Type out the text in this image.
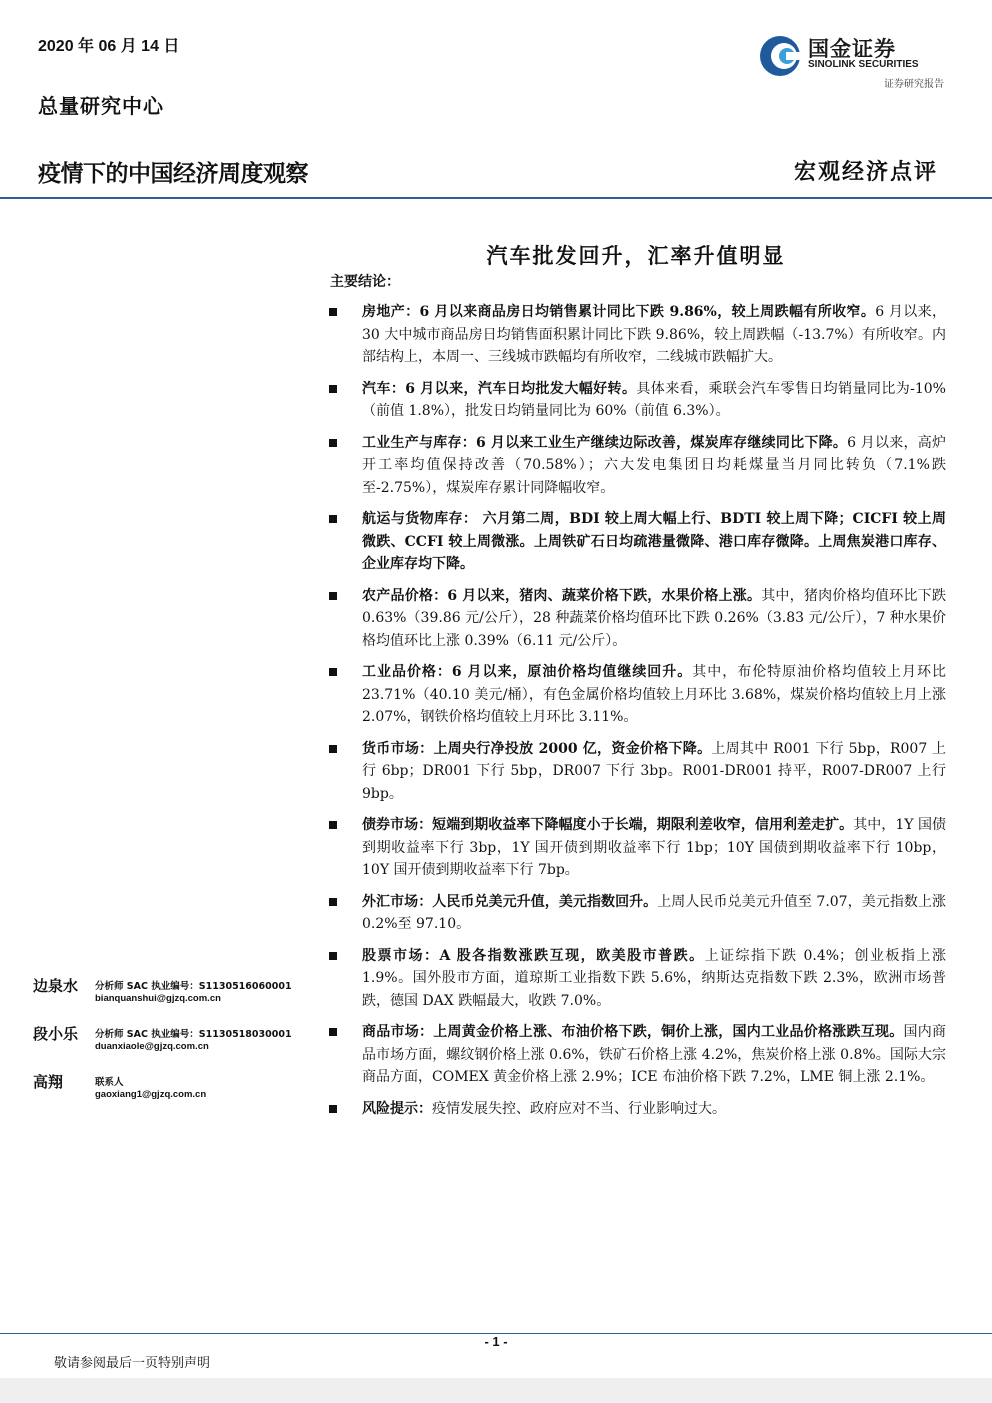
2020 年 06 月 14 日	国金证券
SINOLINK SECURITIES
证券研究报告
总量研究中心
疫情下的中国经济周度观察	宏观经济点评
汽车批发回升，汇率升值明显
主要结论：
房地产：6 月以来商品房日均销售累计同比下跌 9.86%，较上周跌幅有所收窄。6 月以来，30 大中城市商品房日均销售面积累计同比下跌 9.86%，较上周跌幅（-13.7%）有所收窄。内部结构上，本周一、三线城市跌幅均有所收窄，二线城市跌幅扩大。
汽车：6 月以来，汽车日均批发大幅好转。具体来看，乘联会汽车零售日均销量同比为-10%（前值 1.8%），批发日均销量同比为 60%（前值 6.3%）。
工业生产与库存：6 月以来工业生产继续边际改善，煤炭库存继续同比下降。6 月以来，高炉开工率均值保持改善（70.58%）；六大发电集团日均耗煤量当月同比转负（7.1%跌至-2.75%），煤炭库存累计同降幅收窄。
航运与货物库存： 六月第二周，BDI 较上周大幅上行、BDTI 较上周下降；CICFI 较上周微跌、CCFI 较上周微涨。上周铁矿石日均疏港量微降、港口库存微降。上周焦炭港口库存、企业库存均下降。
农产品价格：6 月以来，猪肉、蔬菜价格下跌，水果价格上涨。其中，猪肉价格均值环比下跌 0.63%（39.86 元/公斤），28 种蔬菜价格均值环比下跌 0.26%（3.83 元/公斤），7 种水果价格均值环比上涨 0.39%（6.11 元/公斤）。
工业品价格：6 月以来，原油价格均值继续回升。其中，布伦特原油价格均值较上月环比 23.71%（40.10 美元/桶），有色金属价格均值较上月环比 3.68%，煤炭价格均值较上月上涨 2.07%，钢铁价格均值较上月环比 3.11%。
货币市场：上周央行净投放 2000 亿，资金价格下降。上周其中 R001 下行 5bp，R007 上行 6bp；DR001 下行 5bp，DR007 下行 3bp。R001-DR001 持平，R007-DR007 上行 9bp。
债券市场：短端到期收益率下降幅度小于长端，期限利差收窄，信用利差走扩。其中，1Y 国债到期收益率下行 3bp，1Y 国开债到期收益率下行 1bp；10Y 国债到期收益率下行 10bp，10Y 国开债到期收益率下行 7bp。
外汇市场：人民币兑美元升值，美元指数回升。上周人民币兑美元升值至 7.07，美元指数上涨 0.2%至 97.10。
股票市场：A 股各指数涨跌互现，欧美股市普跌。上证综指下跌 0.4%；创业板指上涨 1.9%。国外股市方面，道琼斯工业指数下跌 5.6%，纳斯达克指数下跌 2.3%，欧洲市场普跌，德国 DAX 跌幅最大，收跌 7.0%。
商品市场：上周黄金价格上涨、布油价格下跌，铜价上涨，国内工业品价格涨跌互现。国内商品市场方面，螺纹钢价格上涨 0.6%，铁矿石价格上涨 4.2%，焦炭价格上涨 0.8%。国际大宗商品方面，COMEX 黄金价格上涨 2.9%；ICE 布油价格下跌 7.2%，LME 铜上涨 2.1%。
风险提示：疫情发展失控、政府应对不当、行业影响过大。
边泉水 分析师 SAC 执业编号：S1130516060001
bianquanshui@gjzq.com.cn
段小乐 分析师 SAC 执业编号：S1130518030001
duanxiaole@gjzq.com.cn
高翔	联系人
gaoxiang1@gjzq.com.cn
- 1 -
敬请参阅最后一页特别声明
